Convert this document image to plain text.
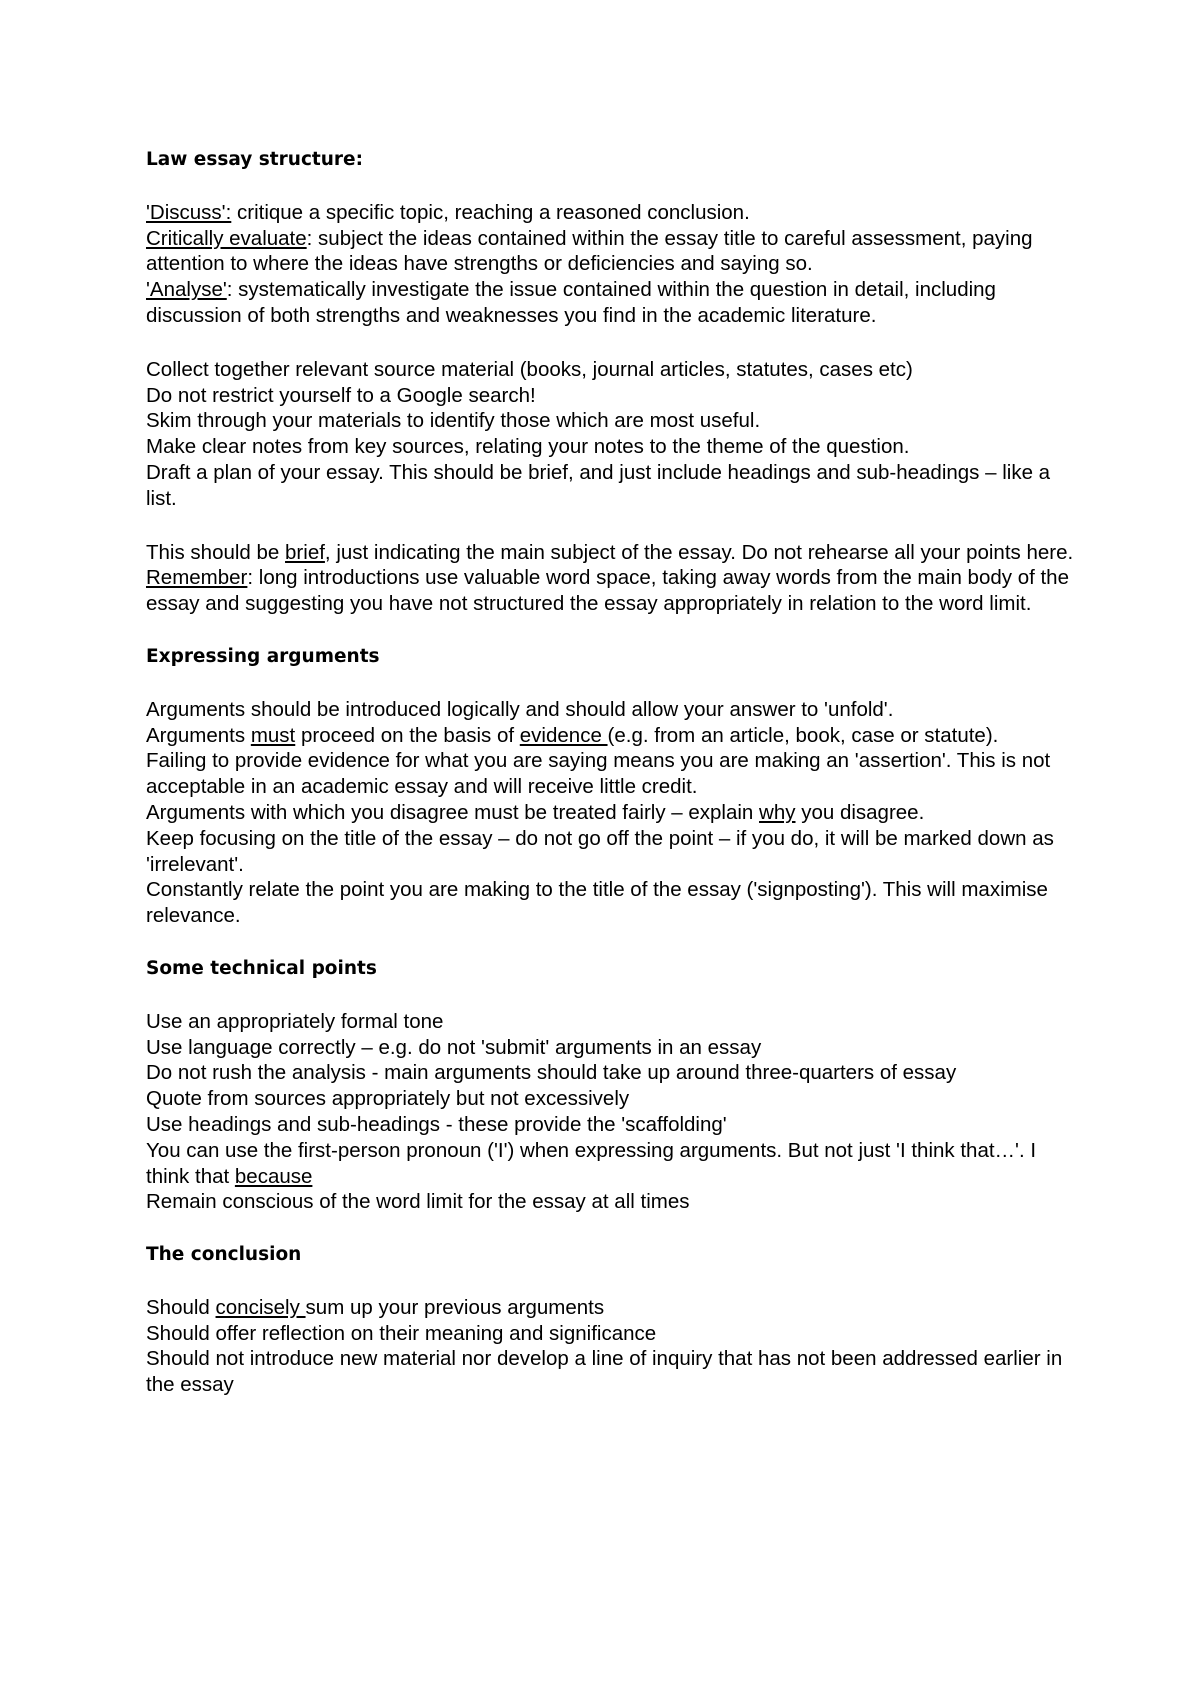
Law essay structure:

'Discuss': critique a specific topic, reaching a reasoned conclusion.

Critically evaluate: subject the ideas contained within the essay title to careful assessment, paying attention to where the ideas have strengths or deficiencies and saying so.

'Analyse': systematically investigate the issue contained within the question in detail, including discussion of both strengths and weaknesses you find in the academic literature.

Collect together relevant source material (books, journal articles, statutes, cases etc)

Do not restrict yourself to a Google search!

Skim through your materials to identify those which are most useful.

Make clear notes from key sources, relating your notes to the theme of the question.

Draft a plan of your essay. This should be brief, and just include headings and sub-headings – like a list.

This should be brief, just indicating the main subject of the essay. Do not rehearse all your points here.

Remember: long introductions use valuable word space, taking away words from the main body of the essay and suggesting you have not structured the essay appropriately in relation to the word limit.

Expressing arguments

Arguments should be introduced logically and should allow your answer to 'unfold'.

Arguments must proceed on the basis of evidence (e.g. from an article, book, case or statute).

Failing to provide evidence for what you are saying means you are making an 'assertion'. This is not acceptable in an academic essay and will receive little credit.

Arguments with which you disagree must be treated fairly – explain why you disagree.

Keep focusing on the title of the essay – do not go off the point – if you do, it will be marked down as 'irrelevant'.

Constantly relate the point you are making to the title of the essay ('signposting'). This will maximise relevance.

Some technical points

Use an appropriately formal tone

Use language correctly – e.g. do not 'submit' arguments in an essay

Do not rush the analysis - main arguments should take up around three-quarters of essay

Quote from sources appropriately but not excessively

Use headings and sub-headings - these provide the 'scaffolding'

You can use the first-person pronoun ('I') when expressing arguments. But not just 'I think that…'. I think that because

Remain conscious of the word limit for the essay at all times

The conclusion

Should concisely sum up your previous arguments

Should offer reflection on their meaning and significance

Should not introduce new material nor develop a line of inquiry that has not been addressed earlier in the essay
